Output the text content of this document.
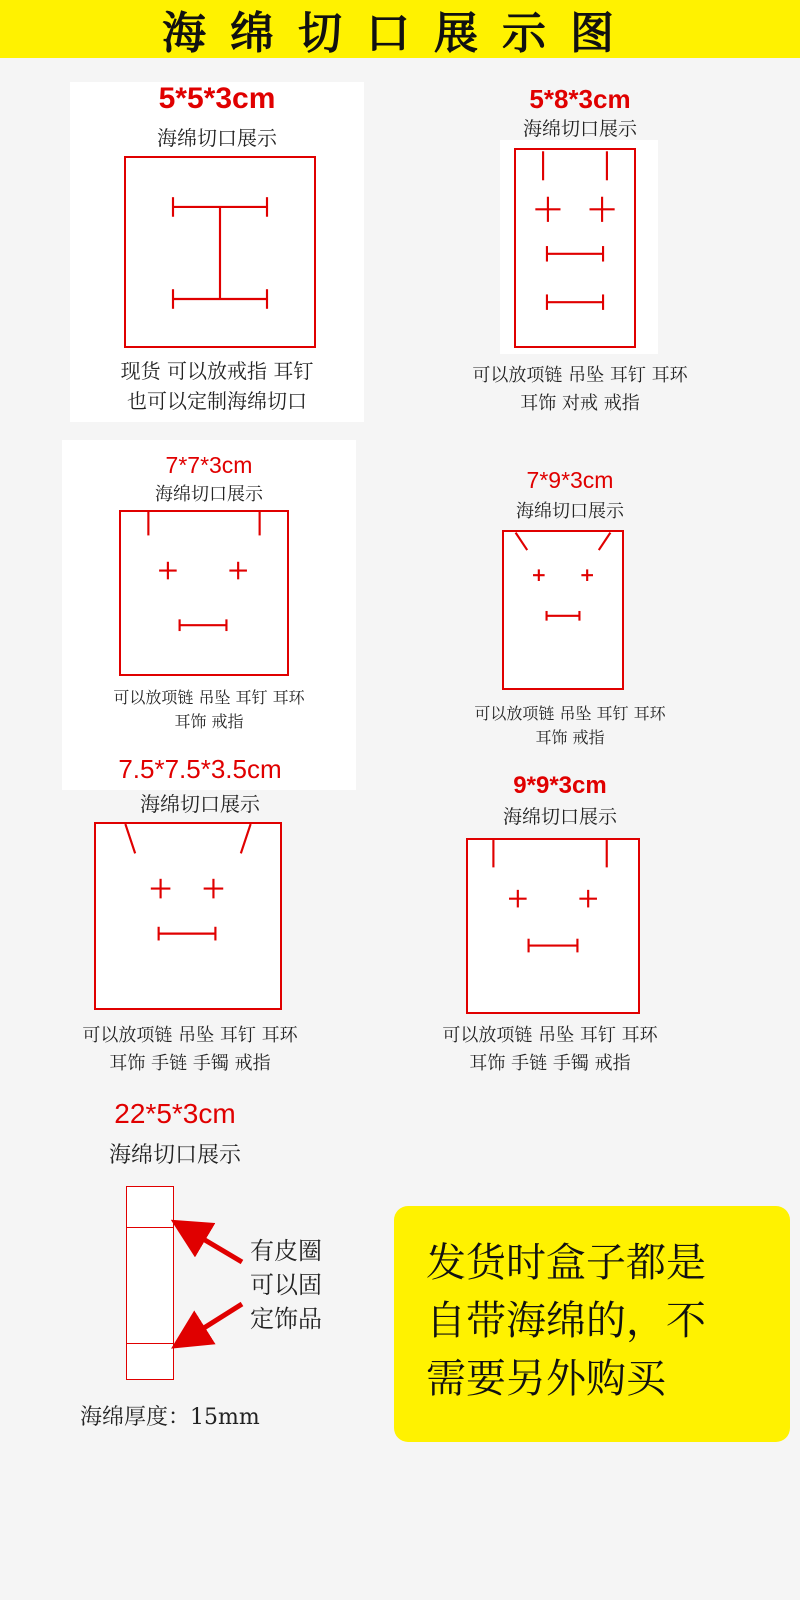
海绵切口展示图
5*5*3cm
海绵切口展示
现货 可以放戒指 耳钉
也可以定制海绵切口
5*8*3cm
海绵切口展示
可以放项链 吊坠 耳钉 耳环
耳饰 对戒 戒指
7*7*3cm
海绵切口展示
可以放项链 吊坠 耳钉 耳环
耳饰 戒指
7*9*3cm
海绵切口展示
可以放项链 吊坠 耳钉 耳环
耳饰 戒指
7.5*7.5*3.5cm
海绵切口展示
可以放项链 吊坠 耳钉 耳环
耳饰 手链 手镯 戒指
9*9*3cm
海绵切口展示
可以放项链 吊坠 耳钉 耳环
耳饰 手链 手镯 戒指
22*5*3cm
海绵切口展示
有皮圈
可以固
定饰品
海绵厚度：15mm
发货时盒子都是
自带海绵的，不
需要另外购买
